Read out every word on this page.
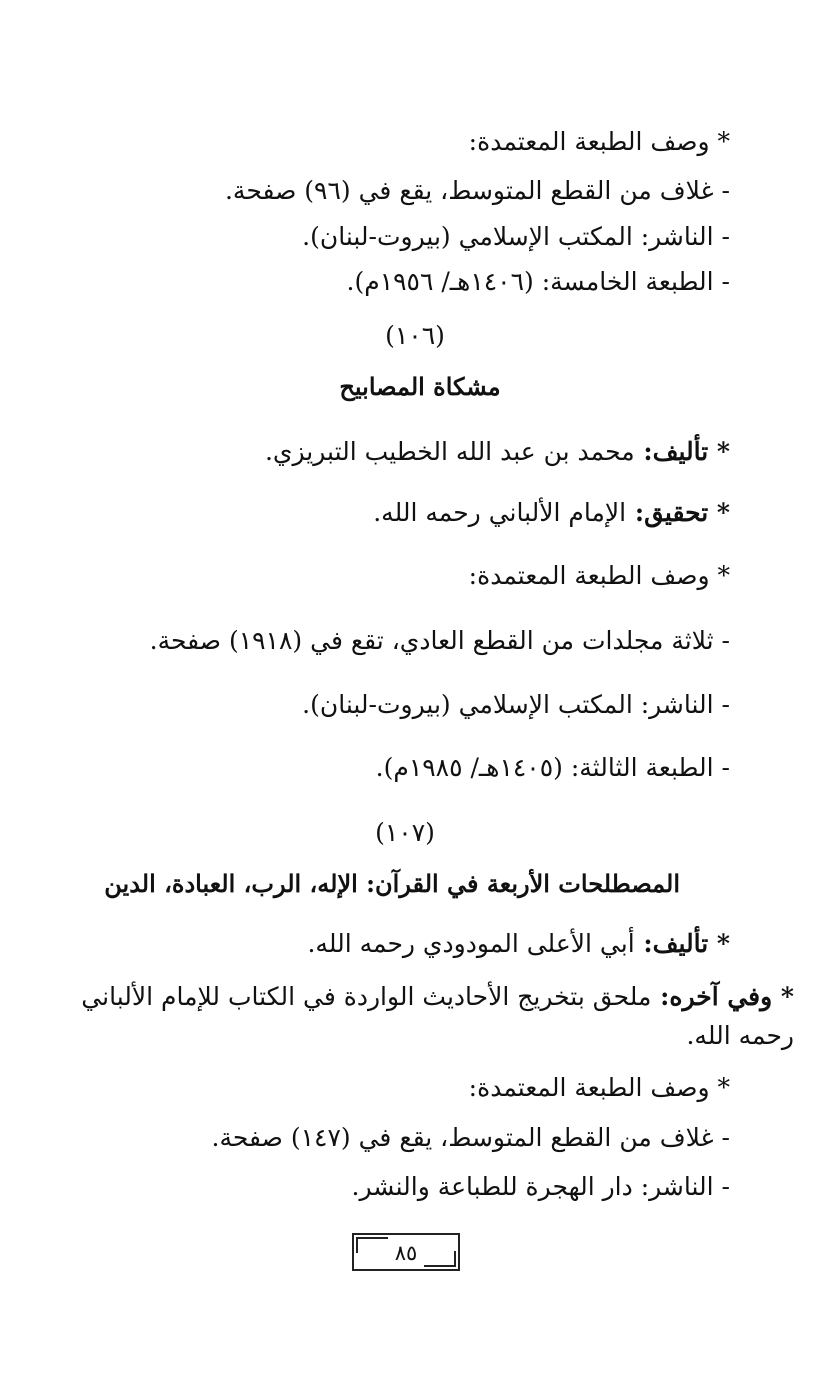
* وصف الطبعة المعتمدة:
- غلاف من القطع المتوسط، يقع في (٩٦) صفحة.
- الناشر: المكتب الإسلامي (بيروت-لبنان).
- الطبعة الخامسة: (١٤٠٦هـ/ ١٩٥٦م).
(١٠٦)
مشكاة المصابيح
* تأليف: محمد بن عبد الله الخطيب التبريزي.
* تحقيق: الإمام الألباني رحمه الله.
* وصف الطبعة المعتمدة:
- ثلاثة مجلدات من القطع العادي، تقع في (١٩١٨) صفحة.
- الناشر: المكتب الإسلامي (بيروت-لبنان).
- الطبعة الثالثة: (١٤٠٥هـ/ ١٩٨٥م).
(١٠٧)
المصطلحات الأربعة في القرآن: الإله، الرب، العبادة، الدين
* تأليف: أبي الأعلى المودودي رحمه الله.
* وفي آخره: ملحق بتخريج الأحاديث الواردة في الكتاب للإمام الألباني رحمه الله.
* وصف الطبعة المعتمدة:
- غلاف من القطع المتوسط، يقع في (١٤٧) صفحة.
- الناشر: دار الهجرة للطباعة والنشر.
٨٥
